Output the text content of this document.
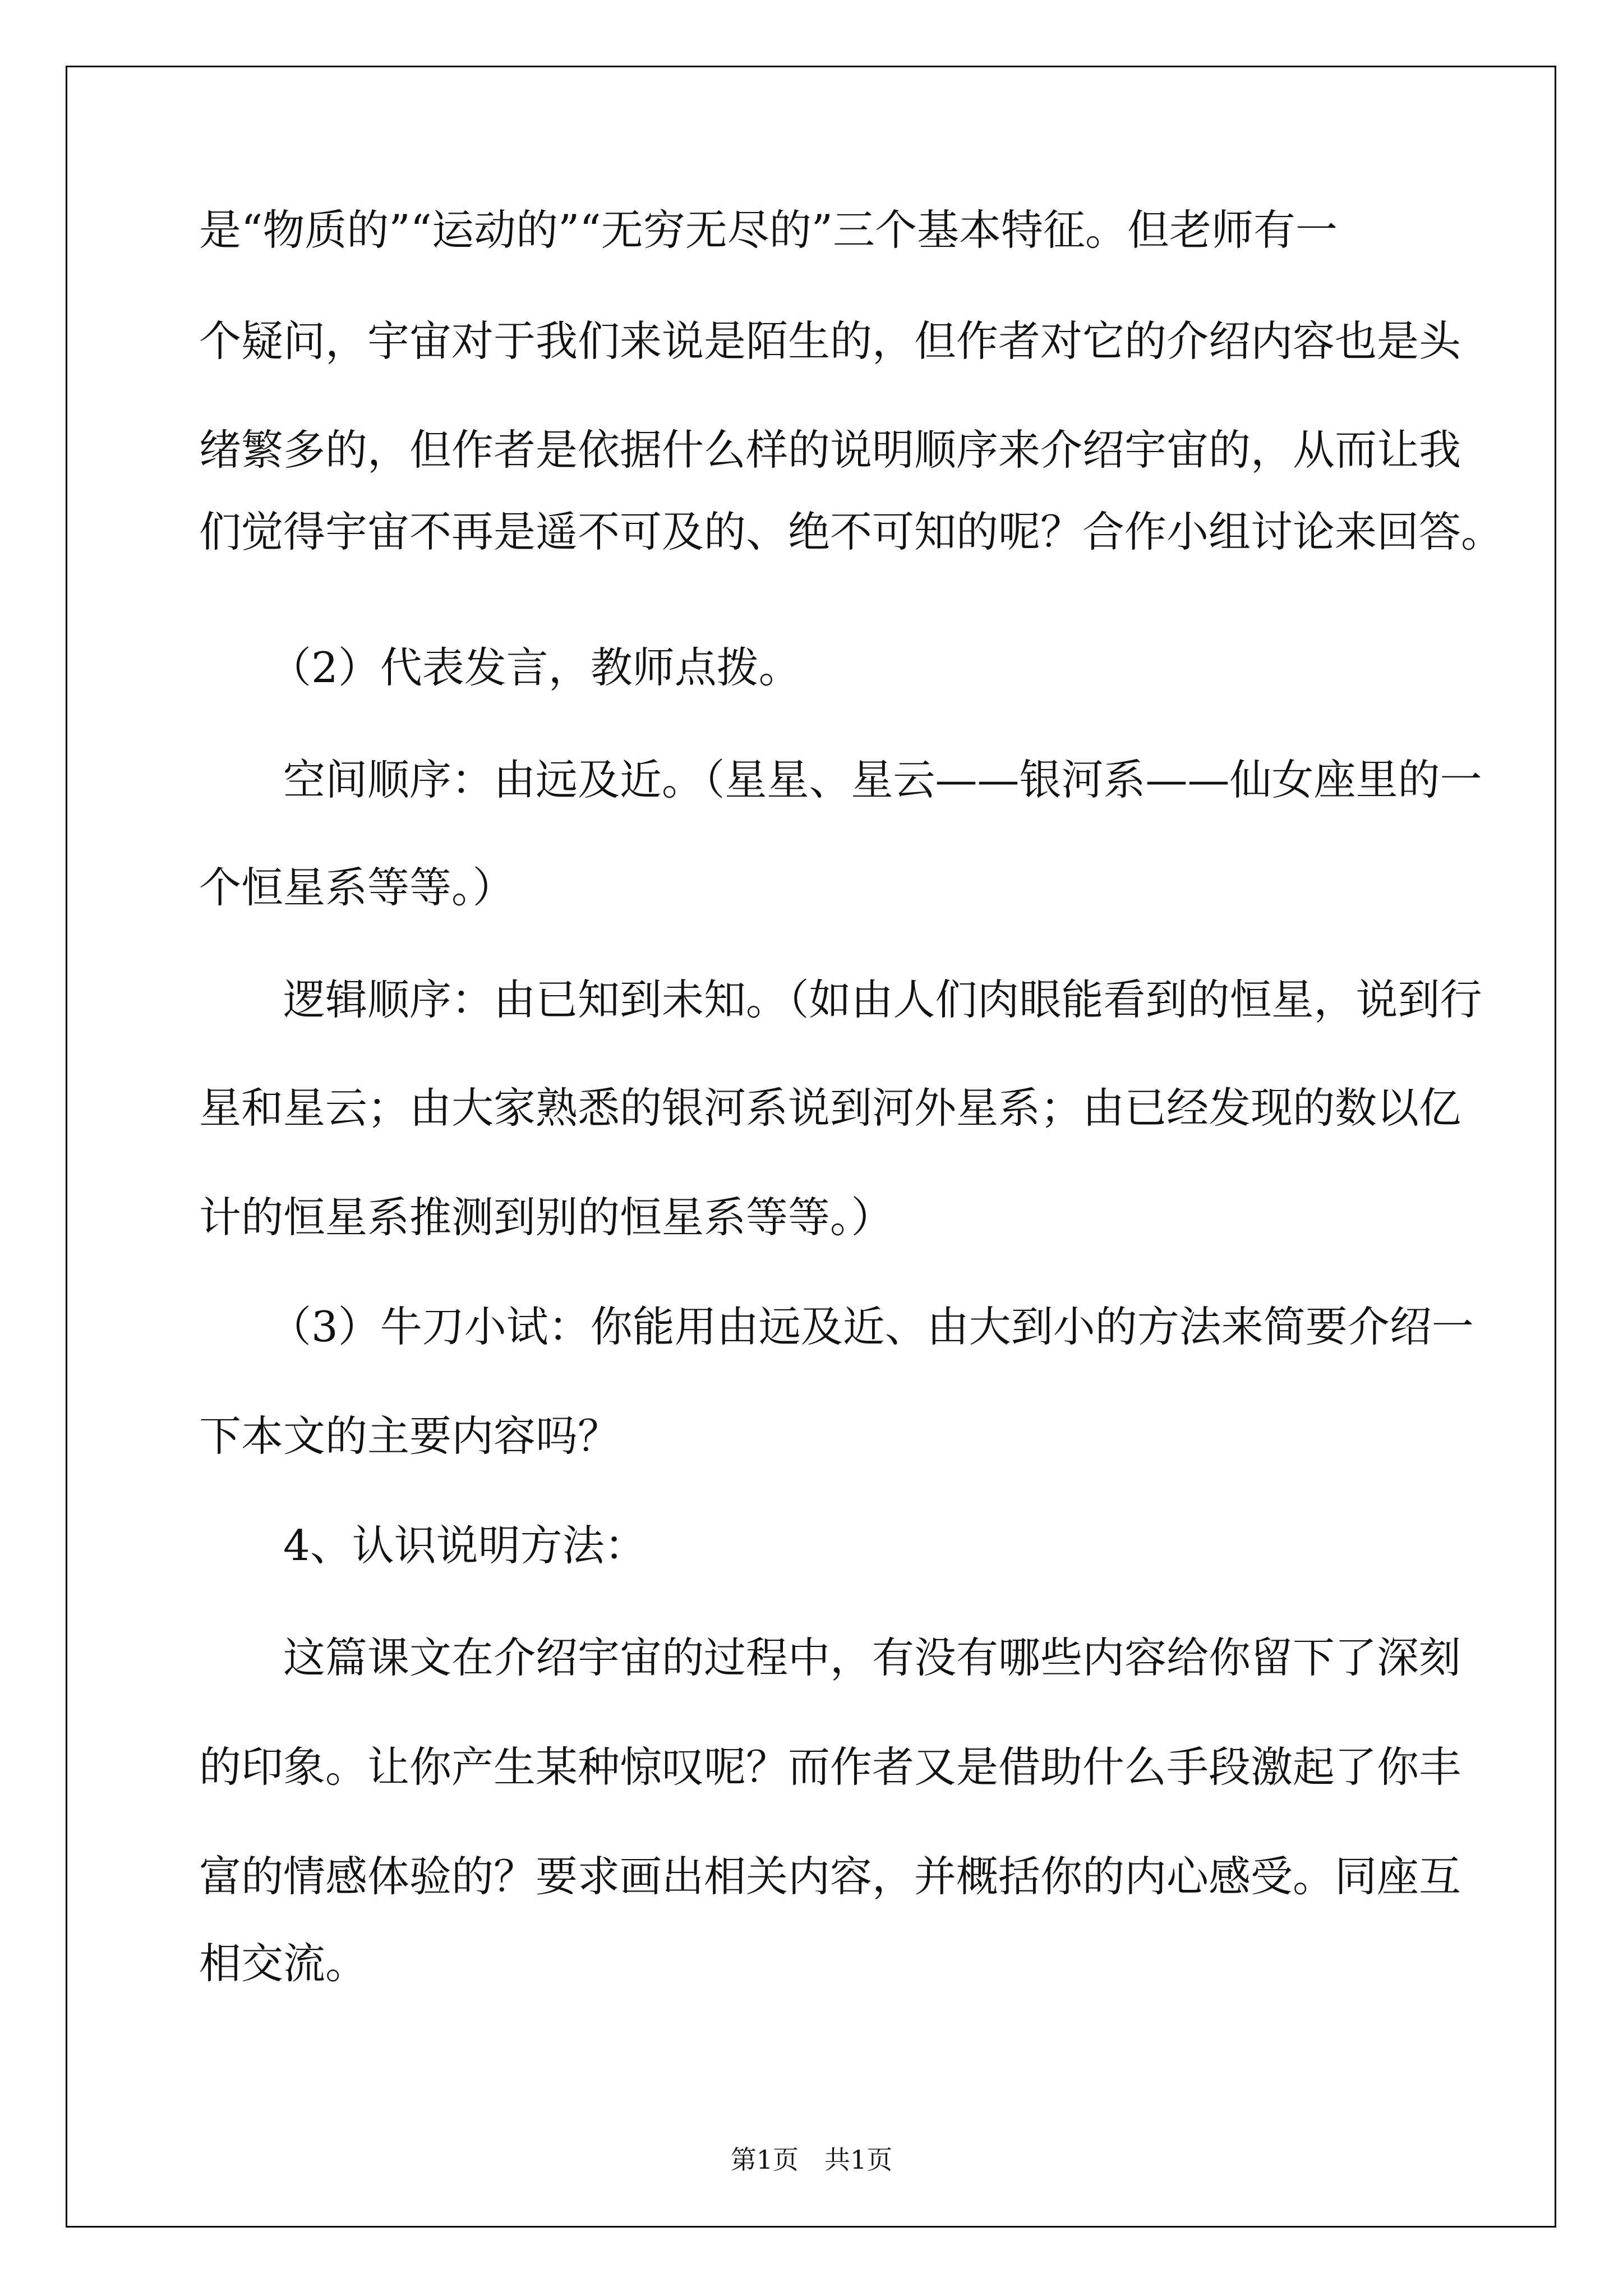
是“物质的”“运动的”“无穷无尽的”三个基本特征。但老师有一

个疑问，宇宙对于我们来说是陌生的，但作者对它的介绍内容也是头

绪繁多的，但作者是依据什么样的说明顺序来介绍宇宙的，从而让我

们觉得宇宙不再是遥不可及的、绝不可知的呢？合作小组讨论来回答。

（2）代表发言，教师点拨。

空间顺序：由远及近。（星星、星云——银河系——仙女座里的一

个恒星系等等。）

逻辑顺序：由已知到未知。（如由人们肉眼能看到的恒星，说到行

星和星云；由大家熟悉的银河系说到河外星系；由已经发现的数以亿

计的恒星系推测到别的恒星系等等。）

（3）牛刀小试：你能用由远及近、由大到小的方法来简要介绍一

下本文的主要内容吗？

4、认识说明方法：

这篇课文在介绍宇宙的过程中，有没有哪些内容给你留下了深刻

的印象。让你产生某种惊叹呢？而作者又是借助什么手段激起了你丰

富的情感体验的？要求画出相关内容，并概括你的内心感受。同座互

相交流。

第1页　共1页
